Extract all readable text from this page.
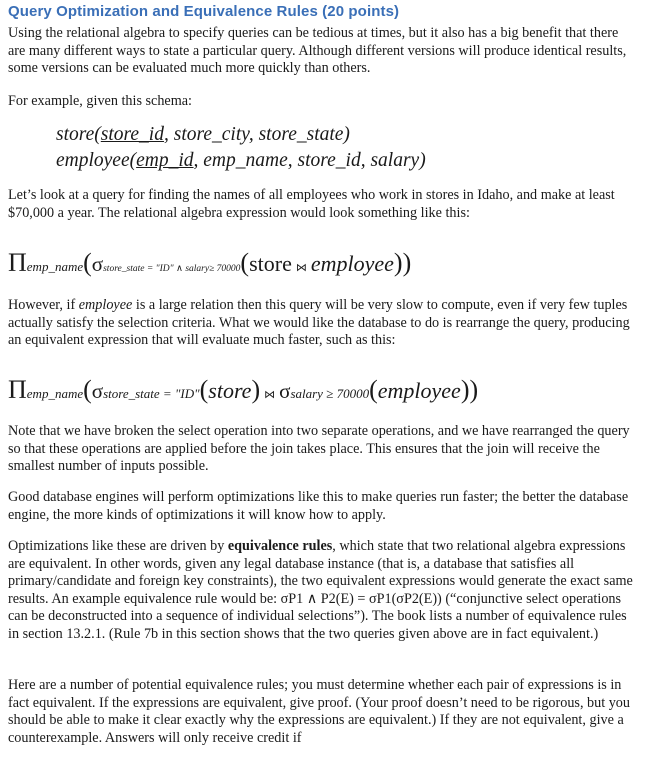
Query Optimization and Equivalence Rules (20 points)

Using the relational algebra to specify queries can be tedious at times, but it also has a big benefit that there are many different ways to state a particular query. Although different versions will produce identical results, some versions can be evaluated much more quickly than others.

For example, given this schema:

store(store_id, store_city, store_state)
employee(emp_id, emp_name, store_id, salary)

Let’s look at a query for finding the names of all employees who work in stores in Idaho, and make at least $70,000 a year. The relational algebra expression would look something like this:

Πemp_name(σstore_state = "ID" ∧ salary≥ 70000(store ⋈ employee))

However, if employee is a large relation then this query will be very slow to compute, even if very few tuples actually satisfy the selection criteria. What we would like the database to do is rearrange the query, producing an equivalent expression that will evaluate much faster, such as this:

Πemp_name(σstore_state = "ID"(store) ⋈ σsalary ≥ 70000(employee))

Note that we have broken the select operation into two separate operations, and we have rearranged the query so that these operations are applied before the join takes place. This ensures that the join will receive the smallest number of inputs possible.

Good database engines will perform optimizations like this to make queries run faster; the better the database engine, the more kinds of optimizations it will know how to apply.

Optimizations like these are driven by equivalence rules, which state that two relational algebra expressions are equivalent. In other words, given any legal database instance (that is, a database that satisfies all primary/candidate and foreign key constraints), the two equivalent expressions would generate the exact same results. An example equivalence rule would be: σP1 ∧ P2(E) = σP1(σP2(E)) (“conjunctive select operations can be deconstructed into a sequence of individual selections”). The book lists a number of equivalence rules in section 13.2.1. (Rule 7b in this section shows that the two queries given above are in fact equivalent.)

Here are a number of potential equivalence rules; you must determine whether each pair of expressions is in fact equivalent. If the expressions are equivalent, give proof. (Your proof doesn’t need to be rigorous, but you should be able to make it clear exactly why the expressions are equivalent.) If they are not equivalent, give a counterexample. Answers will only receive credit if
